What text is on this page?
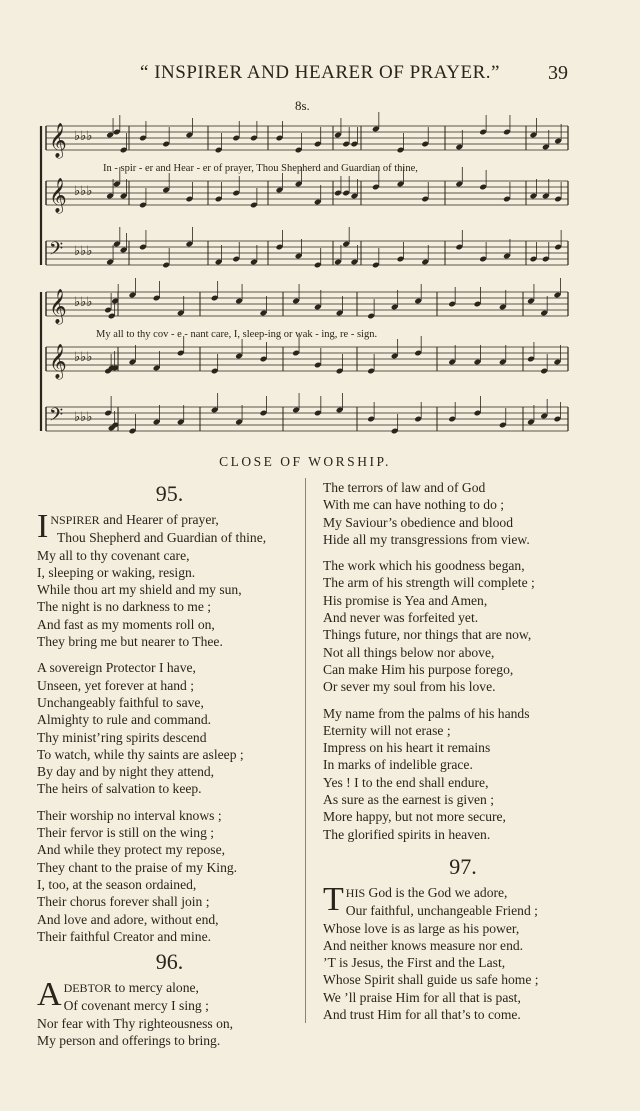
“ INSPIRER AND HEARER OF PRAYER.”	39
8s.
𝄞 ♭♭♭
𝄞 ♭♭♭
𝄢 ♭♭♭
𝄞 ♭♭♭
𝄞 ♭♭♭
𝄢 ♭♭♭
In - spir - er and Hear - er of prayer, Thou Shepherd and Guardian of thine,
My all to thy cov - e - nant care, I, sleep-ing or wak - ing, re - sign.
CLOSE OF WORSHIP.
95.
INSPIRER and Hearer of prayer,
Thou Shepherd and Guardian of thine,
My all to thy covenant care,
I, sleeping or waking, resign.
While thou art my shield and my sun,
The night is no darkness to me ;
And fast as my moments roll on,
They bring me but nearer to Thee.
A sovereign Protector I have,
Unseen, yet forever at hand ;
Unchangeably faithful to save,
Almighty to rule and command.
Thy minist’ring spirits descend
To watch, while thy saints are asleep ;
By day and by night they attend,
The heirs of salvation to keep.
Their worship no interval knows ;
Their fervor is still on the wing ;
And while they protect my repose,
They chant to the praise of my King.
I, too, at the season ordained,
Their chorus forever shall join ;
And love and adore, without end,
Their faithful Creator and mine.
96.
A DEBTOR to mercy alone,
Of covenant mercy I sing ;
Nor fear with Thy righteousness on,
My person and offerings to bring.
The terrors of law and of God
With me can have nothing to do ;
My Saviour’s obedience and blood
Hide all my transgressions from view.
The work which his goodness began,
The arm of his strength will complete ;
His promise is Yea and Amen,
And never was forfeited yet.
Things future, nor things that are now,
Not all things below nor above,
Can make Him his purpose forego,
Or sever my soul from his love.
My name from the palms of his hands
Eternity will not erase ;
Impress on his heart it remains
In marks of indelible grace.
Yes ! I to the end shall endure,
As sure as the earnest is given ;
More happy, but not more secure,
The glorified spirits in heaven.
97.
THIS God is the God we adore,
Our faithful, unchangeable Friend ;
Whose love is as large as his power,
And neither knows measure nor end.
’T is Jesus, the First and the Last,
Whose Spirit shall guide us safe home ;
We ’ll praise Him for all that is past,
And trust Him for all that’s to come.
